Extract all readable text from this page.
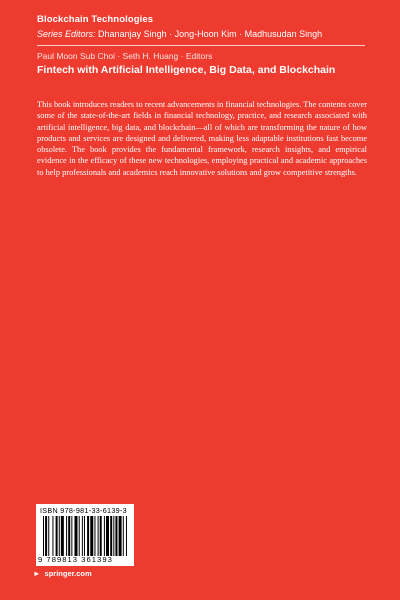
Blockchain Technologies
Series Editors: Dhananjay Singh · Jong-Hoon Kim · Madhusudan Singh
Paul Moon Sub Choi · Seth H. Huang · Editors
Fintech with Artificial Intelligence, Big Data, and Blockchain
This book introduces readers to recent advancements in financial technologies. The contents cover some of the state-of-the-art fields in financial technology, practice, and research associated with artificial intelligence, big data, and blockchain—all of which are transforming the nature of how products and services are designed and delivered, making less adaptable institutions fast become obsolete. The book provides the fundamental framework, research insights, and empirical evidence in the efficacy of these new technologies, employing practical and academic approaches to help professionals and academics reach innovative solutions and grow competitive strengths.
ISBN 978-981-33-6139-3
9 789813 361393
► springer.com
